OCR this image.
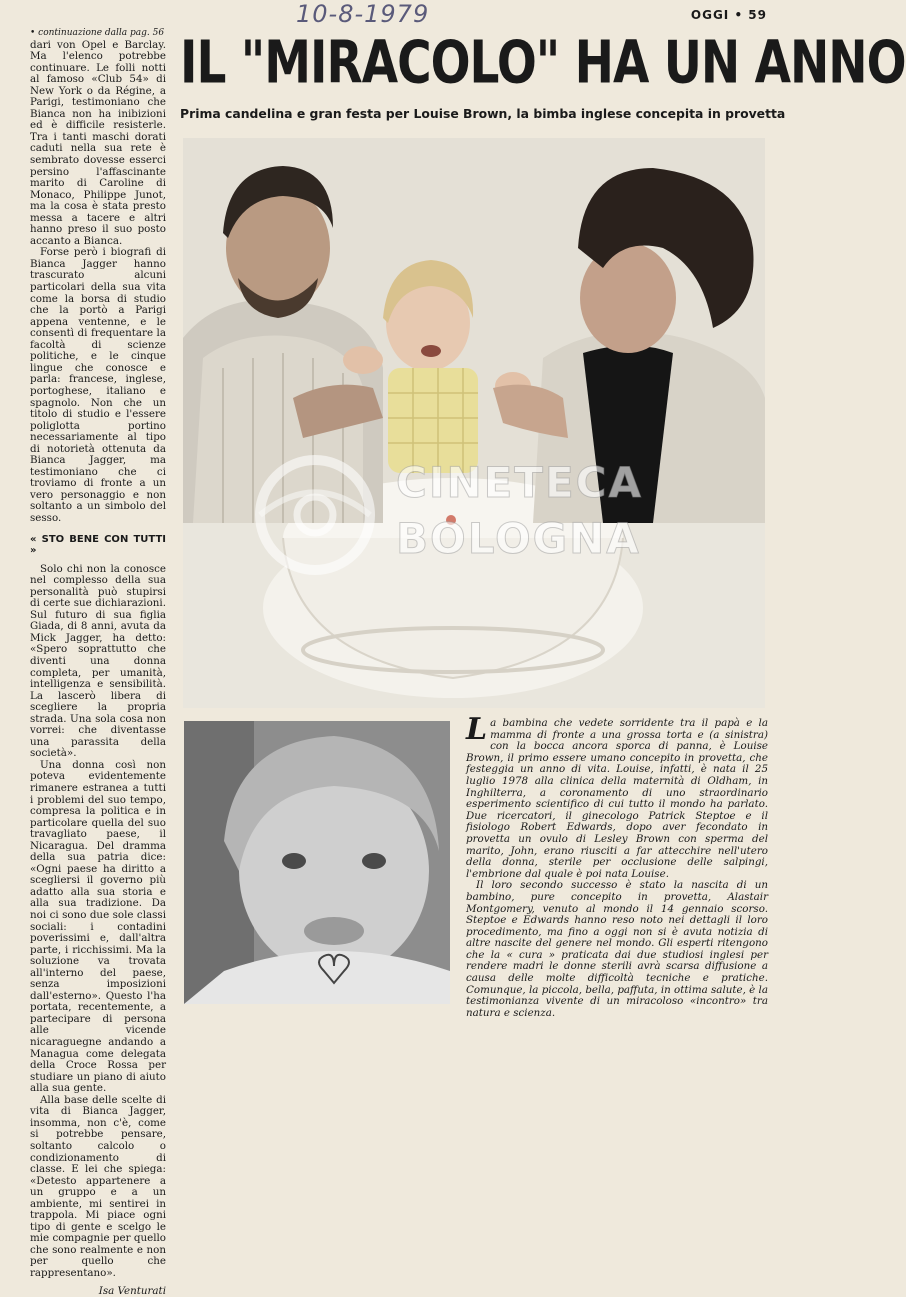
10-8-1979	OGGI • 59

• continuazione dalla pag. 56

dari von Opel e Barclay. Ma l'elenco potrebbe continuare. Le folli notti al famoso «Club 54» di New York o da Régine, a Parigi, testimoniano che Bianca non ha inibizioni ed è difficile resisterle. Tra i tanti maschi dorati caduti nella sua rete è sembrato dovesse esserci persino l'affascinante marito di Caroline di Monaco, Philippe Junot, ma la cosa è stata presto messa a tacere e altri hanno preso il suo posto accanto a Bianca.

Forse però i biografi di Bianca Jagger hanno trascurato alcuni particolari della sua vita come la borsa di studio che la portò a Parigi appena ventenne, e le consentì di frequentare la facoltà di scienze politiche, e le cinque lingue che conosce e parla: francese, inglese, portoghese, italiano e spagnolo. Non che un titolo di studio e l'essere poliglotta portino necessariamente al tipo di notorietà ottenuta da Bianca Jagger, ma testimoniano che ci troviamo di fronte a un vero personaggio e non soltanto a un simbolo del sesso.

« STO BENE CON TUTTI »

Solo chi non la conosce nel complesso della sua personalità può stupirsi di certe sue dichiarazioni. Sul futuro di sua figlia Giada, di 8 anni, avuta da Mick Jagger, ha detto: «Spero soprattutto che diventi una donna completa, per umanità, intelligenza e sensibilità. La lascerò libera di scegliere la propria strada. Una sola cosa non vorrei: che diventasse una parassita della società».

Una donna così non poteva evidentemente rimanere estranea a tutti i problemi del suo tempo, compresa la politica e in particolare quella del suo travagliato paese, il Nicaragua. Del dramma della sua patria dice: «Ogni paese ha diritto a scegliersi il governo più adatto alla sua storia e alla sua tradizione. Da noi ci sono due sole classi sociali: i contadini poverissimi e, dall'altra parte, i ricchissimi. Ma la soluzione va trovata all'interno del paese, senza imposizioni dall'esterno». Questo l'ha portata, recentemente, a partecipare di persona alle vicende nicaraguegne andando a Managua come delegata della Croce Rossa per studiare un piano di aiuto alla sua gente.

Alla base delle scelte di vita di Bianca Jagger, insomma, non c'è, come si potrebbe pensare, soltanto calcolo o condizionamento di classe. E lei che spiega: «Detesto appartenere a un gruppo e a un ambiente, mi sentirei in trappola. Mi piace ogni tipo di gente e scelgo le mie compagnie per quello che sono realmente e non per quello che rappresentano».

Isa Venturati

IL "MIRACOLO" HA UN ANNO
Prima candelina e gran festa per Louise Brown, la bimba inglese concepita in provetta
CINETECA
BOLOGNA

La bambina che vedete sorridente tra il papà e la mamma di fronte a una grossa torta e (a sinistra) con la bocca ancora sporca di panna, è Louise Brown, il primo essere umano concepito in provetta, che festeggia un anno di vita. Louise, infatti, è nata il 25 luglio 1978 alla clinica della maternità di Oldham, in Inghilterra, a coronamento di uno straordinario esperimento scientifico di cui tutto il mondo ha parlato. Due ricercatori, il ginecologo Patrick Steptoe e il fisiologo Robert Edwards, dopo aver fecondato in provetta un ovulo di Lesley Brown con sperma del marito, John, erano riusciti a far attecchire nell'utero della donna, sterile per occlusione delle salpingi, l'embrione dal quale è poi nata Louise.

Il loro secondo successo è stato la nascita di un bambino, pure concepito in provetta, Alastair Montgomery, venuto al mondo il 14 gennaio scorso. Steptoe e Edwards hanno reso noto nei dettagli il loro procedimento, ma fino a oggi non si è avuta notizia di altre nascite del genere nel mondo. Gli esperti ritengono che la « cura » praticata dai due studiosi inglesi per rendere madri le donne sterili avrà scarsa diffusione a causa delle molte difficoltà tecniche e pratiche. Comunque, la piccola, bella, paffuta, in ottima salute, è la testimonianza vivente di un miracoloso «incontro» tra natura e scienza.
